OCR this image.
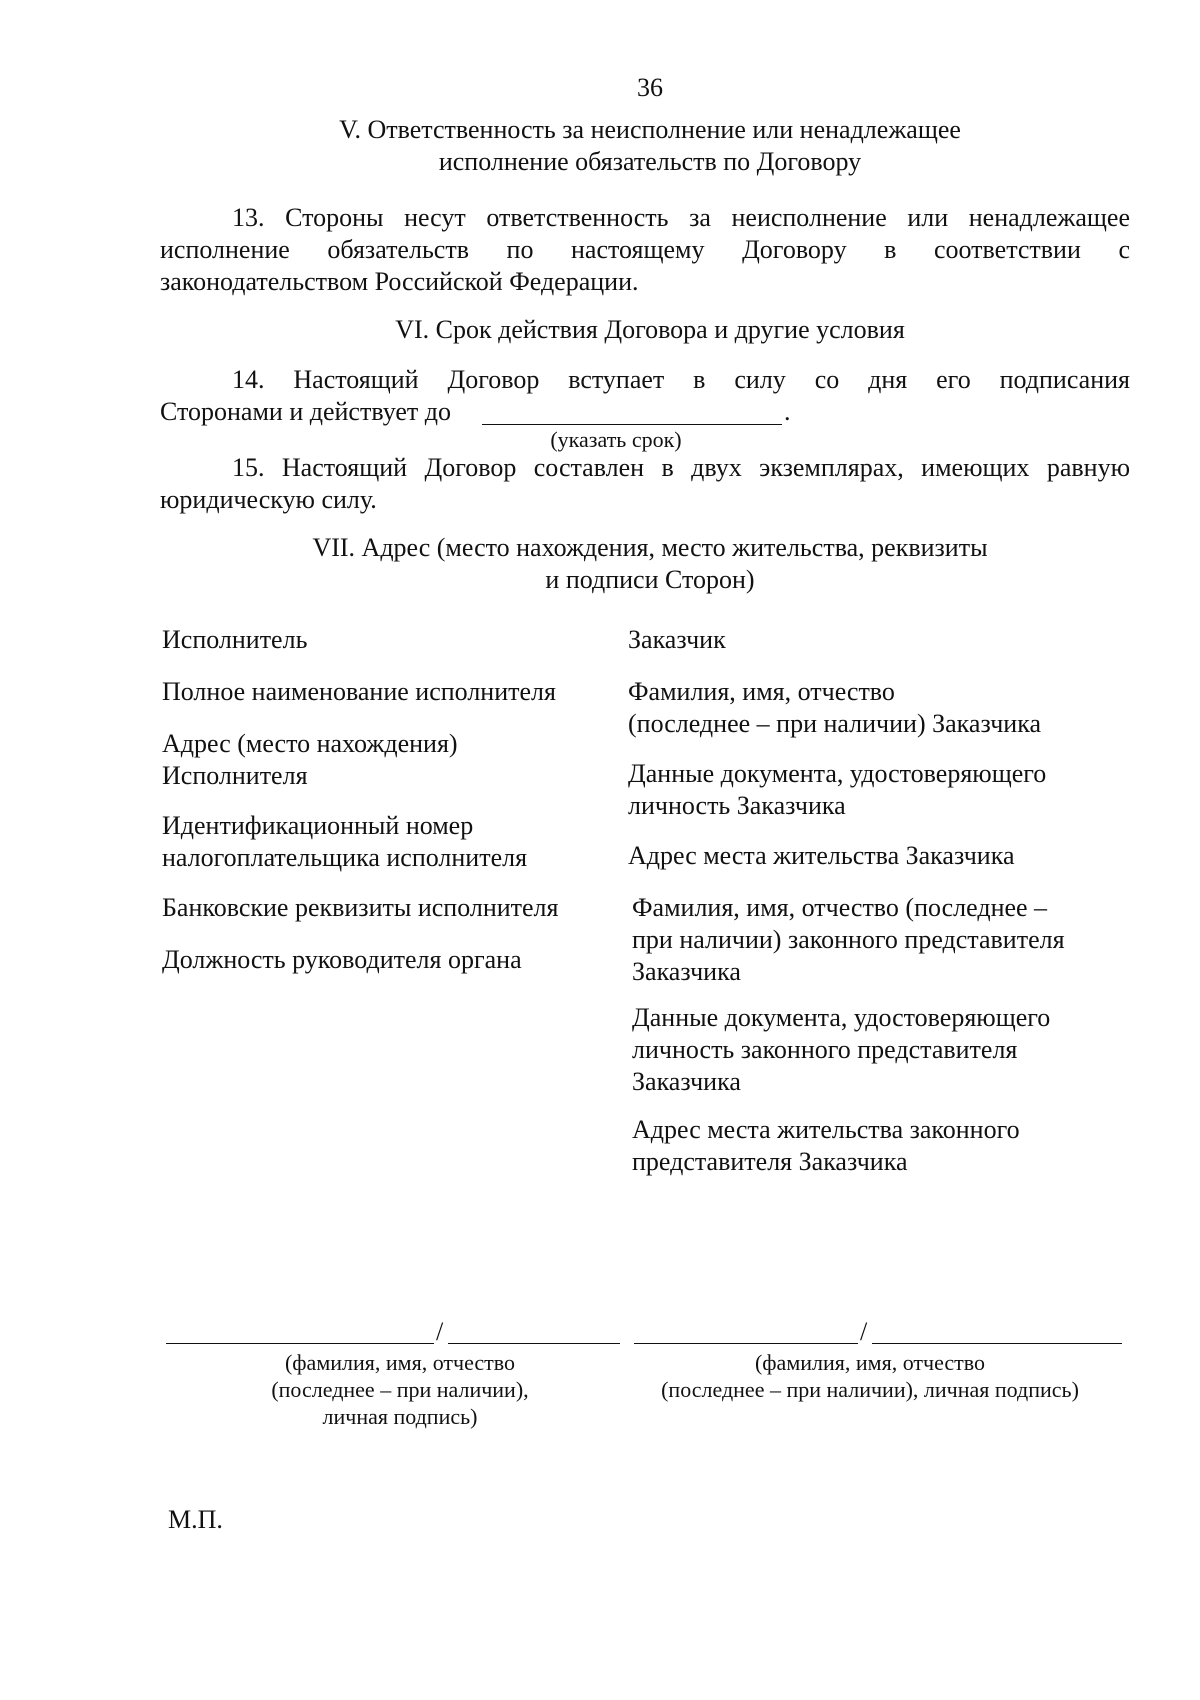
36
V. Ответственность за неисполнение или ненадлежащее
исполнение обязательств по Договору
13. Стороны несут ответственность за неисполнение или ненадлежащее
исполнение обязательств по настоящему Договору в соответствии с
законодательством Российской Федерации.
VI. Срок действия Договора и другие условия
14. Настоящий Договор вступает в силу со дня его подписания
Сторонами и действует до	.
(указать срок)
15. Настоящий Договор составлен в двух экземплярах, имеющих равную
юридическую силу.
VII. Адрес (место нахождения, место жительства, реквизиты
и подписи Сторон)
Исполнитель
Полное наименование исполнителя
Адрес (место нахождения)
Исполнителя
Идентификационный номер
налогоплательщика исполнителя
Банковские реквизиты исполнителя
Должность руководителя органа
Заказчик
Фамилия, имя, отчество
(последнее – при наличии) Заказчика
Данные документа, удостоверяющего
личность Заказчика
Адрес места жительства Заказчика
Фамилия, имя, отчество (последнее –
при наличии) законного представителя
Заказчика
Данные документа, удостоверяющего
личность законного представителя
Заказчика
Адрес места жительства законного
представителя Заказчика
/	/
(фамилия, имя, отчество
(последнее – при наличии),
личная подпись)
(фамилия, имя, отчество
(последнее – при наличии), личная подпись)
М.П.
